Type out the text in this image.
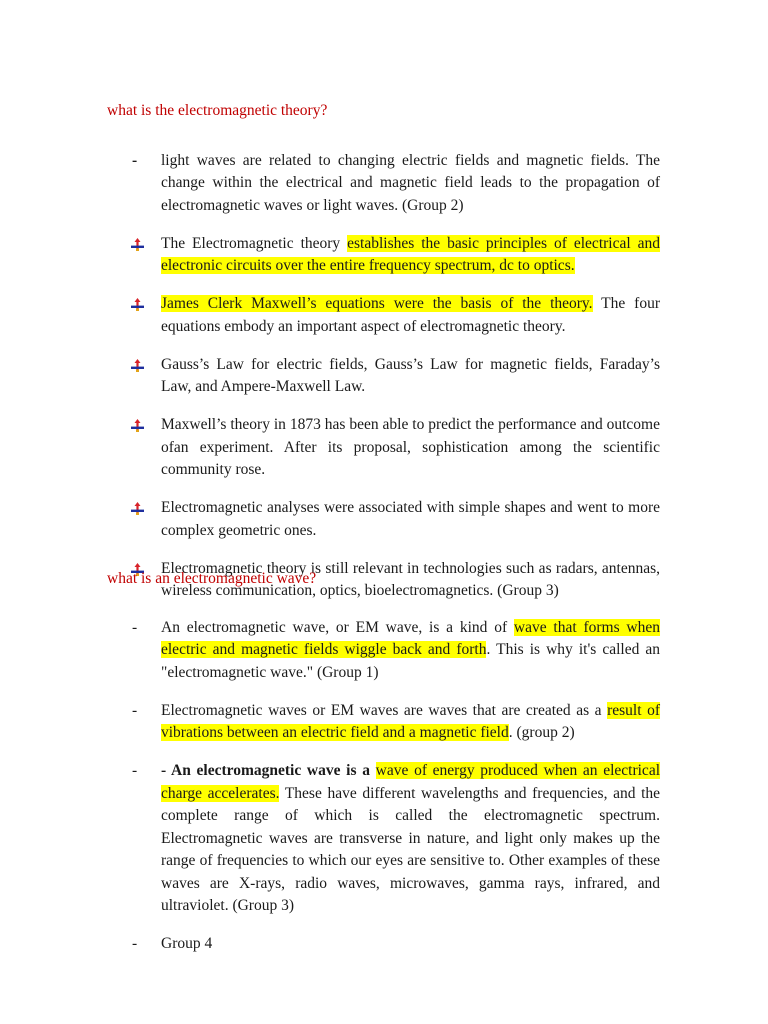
what is the electromagnetic theory?
-	light waves are related to changing electric fields and magnetic fields. The change within the electrical and magnetic field leads to the propagation of electromagnetic waves or light waves. (Group 2)

The Electromagnetic theory establishes the basic principles of electrical and electronic circuits over the entire frequency spectrum, dc to optics.

James Clerk Maxwell’s equations were the basis of the theory. The four equations embody an important aspect of electromagnetic theory.

Gauss’s Law for electric fields, Gauss’s Law for magnetic fields, Faraday’s Law, and Ampere-Maxwell Law.

Maxwell’s theory in 1873 has been able to predict the performance and outcome ofan experiment. After its proposal, sophistication among the scientific community rose.

Electromagnetic analyses were associated with simple shapes and went to more complex geometric ones.

Electromagnetic theory is still relevant in technologies such as radars, antennas, wireless communication, optics, bioelectromagnetics. (Group 3)

what is an electromagnetic wave?
-	An electromagnetic wave, or EM wave, is a kind of wave that forms when electric and magnetic fields wiggle back and forth. This is why it's called an "electromagnetic wave." (Group 1)

-	Electromagnetic waves or EM waves are waves that are created as a result of vibrations between an electric field and a magnetic field. (group 2)

-	- An electromagnetic wave is a wave of energy produced when an electrical charge accelerates. These have different wavelengths and frequencies, and the complete range of which is called the electromagnetic spectrum. Electromagnetic waves are transverse in nature, and light only makes up the range of frequencies to which our eyes are sensitive to. Other examples of these waves are X-rays, radio waves, microwaves, gamma rays, infrared, and ultraviolet. (Group 3)

-	Group 4
